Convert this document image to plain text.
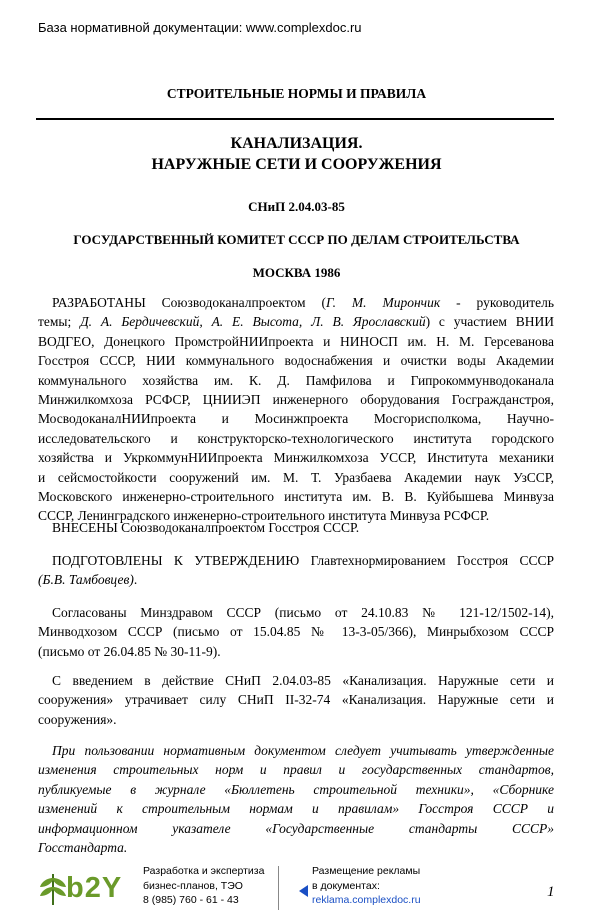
База нормативной документации: www.complexdoc.ru
СТРОИТЕЛЬНЫЕ НОРМЫ И ПРАВИЛА
КАНАЛИЗАЦИЯ.
НАРУЖНЫЕ СЕТИ И СООРУЖЕНИЯ
СНиП 2.04.03-85
ГОСУДАРСТВЕННЫЙ КОМИТЕТ СССР ПО ДЕЛАМ СТРОИТЕЛЬСТВА
МОСКВА 1986
РАЗРАБОТАНЫ Союзводоканалпроектом (Г. М. Мирончик - руководитель
темы; Д. А. Бердичевский, А. Е. Высота, Л. В. Ярославский) с участием ВНИИ
ВОДГЕО, Донецкого ПромстройНИИпроекта и НИНОСП им. Н. М. Герсеванова
Госстроя СССР, НИИ коммунального водоснабжения и очистки воды Академии
коммунального хозяйства им. К. Д. Памфилова и Гипрокоммунводоканала
Минжилкомхоза РСФСР, ЦНИИЭП инженерного оборудования Госгражданстроя,
МосводоканалНИИпроекта и Мосинжпроекта Мосгорисполкома, Научно-
исследовательского и конструкторско-технологического института городского
хозяйства и УкркоммунНИИпроекта Минжилкомхоза УССР, Института механики
и сейсмостойкости сооружений им. М. Т. Уразбаева Академии наук УзССР,
Московского инженерно-строительного института им. В. В. Куйбышева Минвуза
СССР, Ленинградского инженерно-строительного института Минвуза РСФСР.
ВНЕСЕНЫ Союзводоканалпроектом Госстроя СССР.
ПОДГОТОВЛЕНЫ К УТВЕРЖДЕНИЮ Главтехнормированием Госстроя СССР
(Б.В. Тамбовцев).
Согласованы Минздравом СССР (письмо от 24.10.83 № 121-12/1502-14),
Минводхозом СССР (письмо от 15.04.85 № 13-3-05/366), Минрыбхозом СССР
(письмо от 26.04.85 № 30-11-9).
С введением в действие СНиП 2.04.03-85 «Канализация. Наружные сети и
сооружения» утрачивает силу СНиП II-32-74 «Канализация. Наружные сети и
сооружения».
При пользовании нормативным документом следует учитывать утвержденные
изменения строительных норм и правил и государственных стандартов,
публикуемые в журнале «Бюллетень строительной техники», «Сборнике
изменений к строительным нормам и правилам» Госстроя СССР и
информационном указателе «Государственные стандарты СССР»
Госстандарта.
b2Y
Разработка и экспертиза
бизнес-планов, ТЭО
8 (985) 760 - 61 - 43
Размещение рекламы
в документах:
reklama.complexdoc.ru	1
